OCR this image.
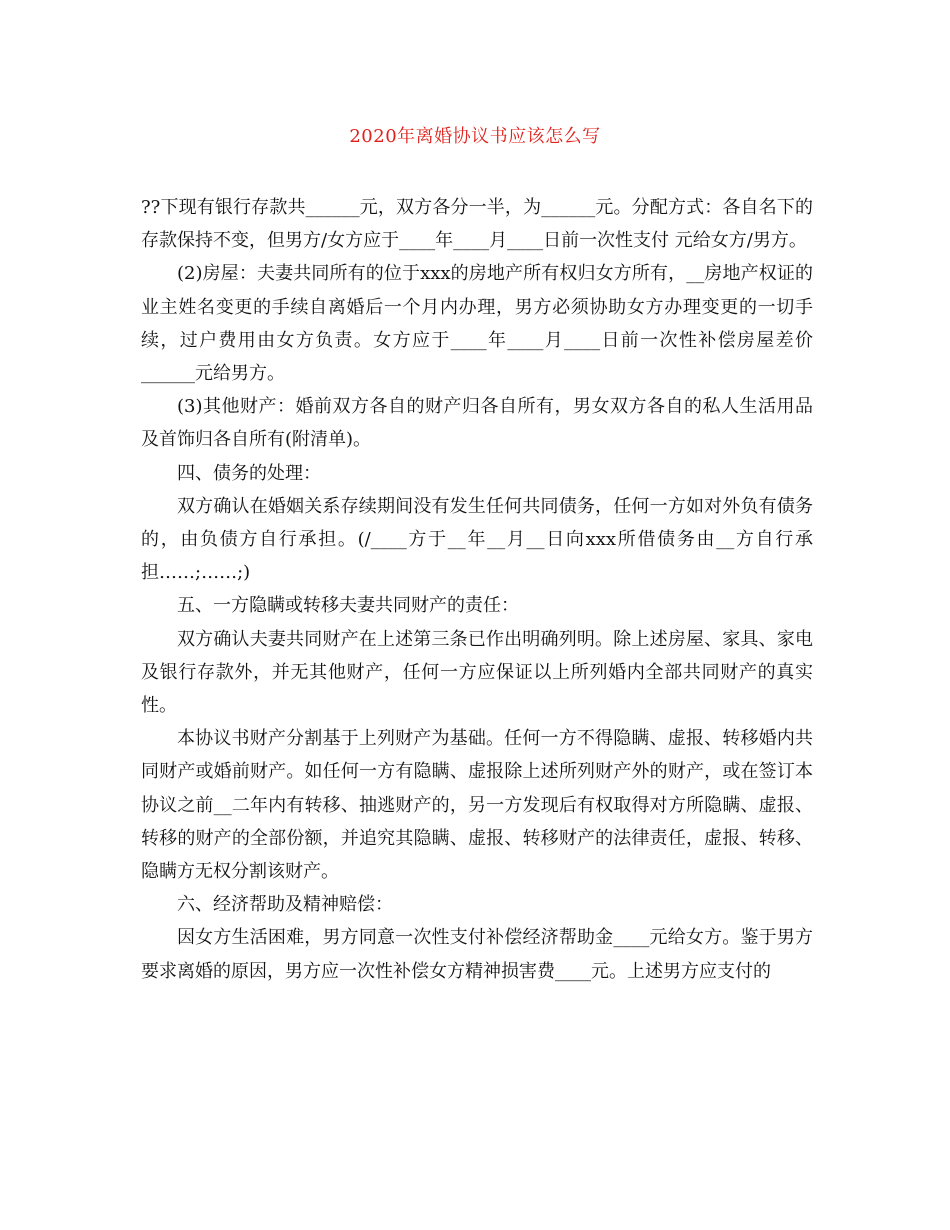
2020年离婚协议书应该怎么写

??下现有银行存款共______元，双方各分一半，为______元。分配方式：各自名下的存款保持不变，但男方/女方应于____年____月____日前一次性支付 元给女方/男方。

(2)房屋：夫妻共同所有的位于xxx的房地产所有权归女方所有，__房地产权证的业主姓名变更的手续自离婚后一个月内办理，男方必须协助女方办理变更的一切手续，过户费用由女方负责。女方应于____年____月____日前一次性补偿房屋差价______元给男方。

(3)其他财产：婚前双方各自的财产归各自所有，男女双方各自的私人生活用品及首饰归各自所有(附清单)。

四、债务的处理：

双方确认在婚姻关系存续期间没有发生任何共同债务，任何一方如对外负有债务的，由负债方自行承担。(/____方于__年__月__日向xxx所借债务由__方自行承担……;……;)

五、一方隐瞒或转移夫妻共同财产的责任：

双方确认夫妻共同财产在上述第三条已作出明确列明。除上述房屋、家具、家电及银行存款外，并无其他财产，任何一方应保证以上所列婚内全部共同财产的真实性。

本协议书财产分割基于上列财产为基础。任何一方不得隐瞒、虚报、转移婚内共同财产或婚前财产。如任何一方有隐瞒、虚报除上述所列财产外的财产，或在签订本协议之前__二年内有转移、抽逃财产的，另一方发现后有权取得对方所隐瞒、虚报、转移的财产的全部份额，并追究其隐瞒、虚报、转移财产的法律责任，虚报、转移、隐瞒方无权分割该财产。

六、经济帮助及精神赔偿：

因女方生活困难，男方同意一次性支付补偿经济帮助金____元给女方。鉴于男方要求离婚的原因，男方应一次性补偿女方精神损害费____元。上述男方应支付的
